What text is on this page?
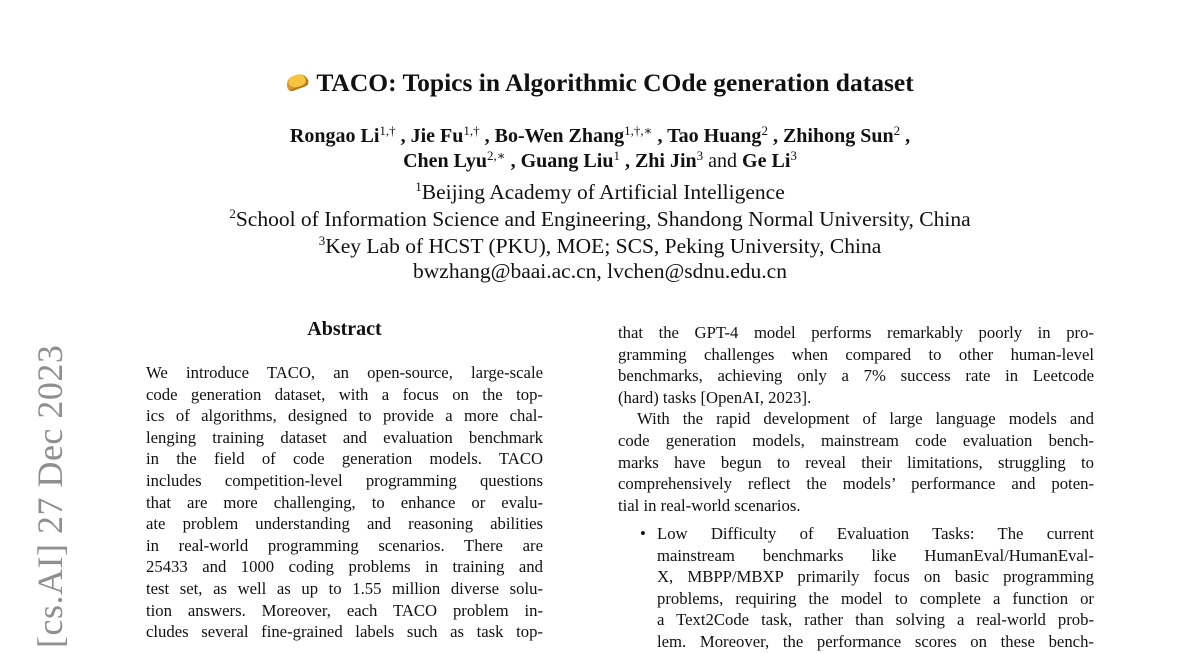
[cs.AI] 27 Dec 2023
TACO: Topics in Algorithmic COde generation dataset
Rongao $Li^{1,\dagger}$ , Jie $Fu^{1,\dagger}$ , Bo-Wen Zhang$^{1,\dagger,∗}$ , Tao Huang$^2$ , Zhihong Sun$^2$ ,
Chen Lyu$^{2,∗}$ , Guang Liu$^1$ , Zhi Jin$^3$ and Ge Li$^3$
$^1$Beijing Academy of Artificial Intelligence
$^2$School of Information Science and Engineering, Shandong Normal University, China
$^3$Key Lab of HCST (PKU), MOE; SCS, Peking University, China
bwzhang@baai.ac.cn, lvchen@sdnu.edu.cn
Abstract
We introduce TACO, an open-source, large-scale
code generation dataset, with a focus on the top-
ics of algorithms, designed to provide a more chal-
lenging training dataset and evaluation benchmark
in the field of code generation models. TACO
includes competition-level programming questions
that are more challenging, to enhance or evalu-
ate problem understanding and reasoning abilities
in real-world programming scenarios. There are
25433 and 1000 coding problems in training and
test set, as well as up to 1.55 million diverse solu-
tion answers. Moreover, each TACO problem in-
cludes several fine-grained labels such as task top-
that the GPT-4 model performs remarkably poorly in pro-
gramming challenges when compared to other human-level
benchmarks, achieving only a 7% success rate in Leetcode
(hard) tasks [OpenAI, 2023].
With the rapid development of large language models and
code generation models, mainstream code evaluation bench-
marks have begun to reveal their limitations, struggling to
comprehensively reflect the models’ performance and poten-
tial in real-world scenarios.
• Low Difficulty of Evaluation Tasks: The current
mainstream benchmarks like HumanEval/HumanEval-
X, MBPP/MBXP primarily focus on basic programming
problems, requiring the model to complete a function or
a Text2Code task, rather than solving a real-world prob-
lem. Moreover, the performance scores on these bench-
